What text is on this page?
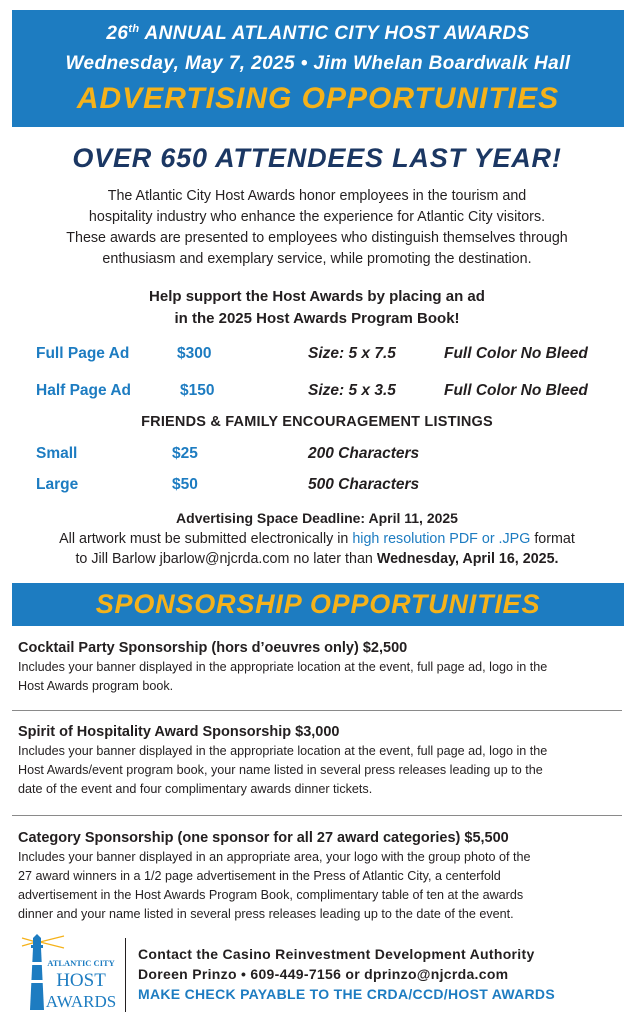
26th ANNUAL ATLANTIC CITY HOST AWARDS
Wednesday, May 7, 2025 • Jim Whelan Boardwalk Hall
ADVERTISING OPPORTUNITIES
OVER 650 ATTENDEES LAST YEAR!
The Atlantic City Host Awards honor employees in the tourism and
hospitality industry who enhance the experience for Atlantic City visitors.
These awards are presented to employees who distinguish themselves through
enthusiasm and exemplary service, while promoting the destination.
Help support the Host Awards by placing an ad
in the 2025 Host Awards Program Book!
Full Page Ad	$300	Size: 5 x 7.5	Full Color No Bleed
Half Page Ad	$150	Size: 5 x 3.5	Full Color No Bleed
FRIENDS & FAMILY ENCOURAGEMENT LISTINGS
Small	$25	200 Characters
Large	$50	500 Characters
Advertising Space Deadline: April 11, 2025
All artwork must be submitted electronically in high resolution PDF or .JPG format
to Jill Barlow jbarlow@njcrda.com no later than Wednesday, April 16, 2025.
SPONSORSHIP OPPORTUNITIES
Cocktail Party Sponsorship (hors d’oeuvres only) $2,500
Includes your banner displayed in the appropriate location at the event, full page ad, logo in the
Host Awards program book.
Spirit of Hospitality Award Sponsorship $3,000
Includes your banner displayed in the appropriate location at the event, full page ad, logo in the
Host Awards/event program book, your name listed in several press releases leading up to the
date of the event and four complimentary awards dinner tickets.
Category Sponsorship (one sponsor for all 27 award categories) $5,500
Includes your banner displayed in an appropriate area, your logo with the group photo of the
27 award winners in a 1/2 page advertisement in the Press of Atlantic City, a centerfold
advertisement in the Host Awards Program Book, complimentary table of ten at the awards
dinner and your name listed in several press releases leading up to the date of the event.
ATLANTIC CITY
HOST
AWARDS
Contact the Casino Reinvestment Development Authority
Doreen Prinzo • 609-449-7156 or dprinzo@njcrda.com
MAKE CHECK PAYABLE TO THE CRDA/CCD/HOST AWARDS
